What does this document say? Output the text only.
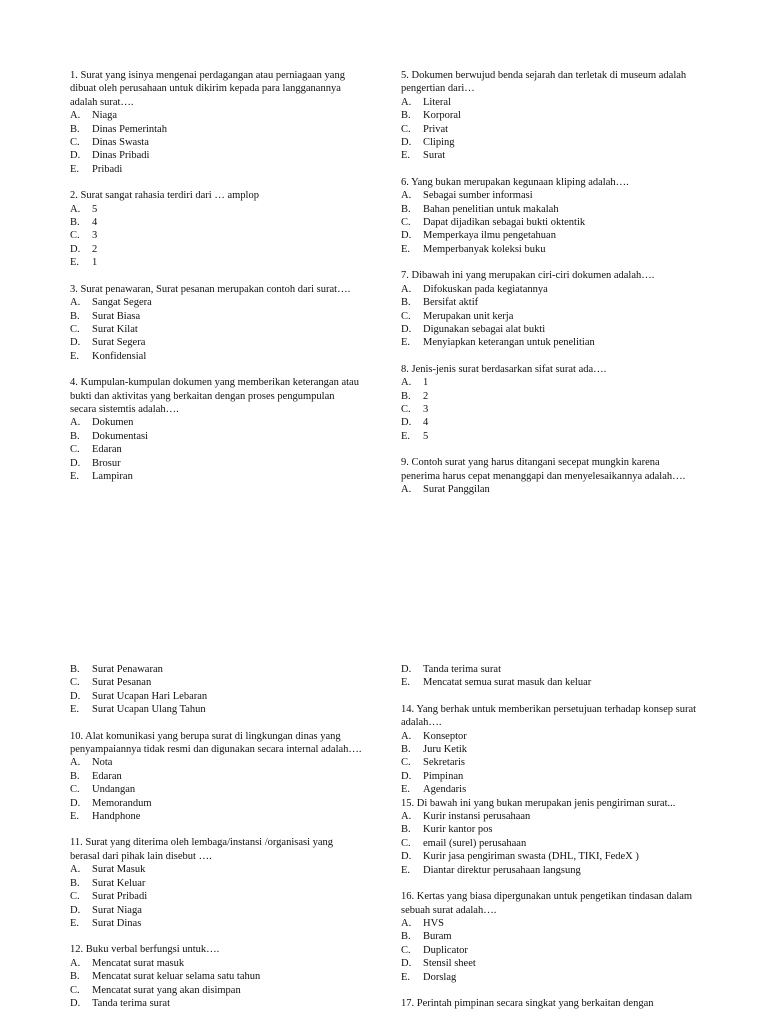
1. Surat yang isinya mengenai perdagangan atau perniagaan yang dibuat oleh perusahaan untuk dikirim kepada para langganannya adalah surat….
A.	Niaga
B.	Dinas Pemerintah
C.	Dinas Swasta
D.	Dinas Pribadi
E.	Pribadi
2. Surat sangat rahasia terdiri dari … amplop
A.	5
B.	4
C.	3
D.	2
E.	1
3. Surat penawaran, Surat pesanan merupakan contoh dari surat….
A.	Sangat Segera
B.	Surat Biasa
C.	Surat Kilat
D.	Surat Segera
E.	Konfidensial
4. Kumpulan-kumpulan dokumen yang memberikan keterangan atau bukti dan aktivitas yang berkaitan dengan proses pengumpulan secara sistemtis adalah….
A.	Dokumen
B.	Dokumentasi
C.	Edaran
D.	Brosur
E.	Lampiran
5. Dokumen berwujud benda sejarah dan terletak di museum adalah pengertian dari…
A.	Literal
B.	Korporal
C.	Privat
D.	Cliping
E.	Surat
6. Yang bukan merupakan kegunaan kliping adalah….
A.	Sebagai sumber informasi
B.	Bahan penelitian untuk makalah
C.	Dapat dijadikan sebagai bukti oktentik
D.	Memperkaya ilmu pengetahuan
E.	Memperbanyak koleksi buku
7. Dibawah ini yang merupakan ciri-ciri dokumen adalah….
A.	Difokuskan pada kegiatannya
B.	Bersifat aktif
C.	Merupakan unit kerja
D.	Digunakan sebagai alat bukti
E.	Menyiapkan keterangan untuk penelitian
8. Jenis-jenis surat berdasarkan sifat surat ada….
A.	1
B.	2
C.	3
D.	4
E.	5
9. Contoh surat yang harus ditangani secepat mungkin karena penerima harus cepat menanggapi dan menyelesaikannya adalah….
A.	Surat Panggilan
B.	Surat Penawaran
C.	Surat Pesanan
D.	Surat Ucapan Hari Lebaran
E.	Surat Ucapan Ulang Tahun
10. Alat komunikasi yang berupa surat di lingkungan dinas yang penyampaiannya tidak resmi dan digunakan secara internal adalah….
A.	Nota
B.	Edaran
C.	Undangan
D.	Memorandum
E.	Handphone
11. Surat yang diterima oleh lembaga/instansi /organisasi yang berasal dari pihak lain disebut ….
A.	Surat Masuk
B.	Surat Keluar
C.	Surat Pribadi
D.	Surat Niaga
E.	Surat Dinas
12. Buku verbal berfungsi untuk….
A.	Mencatat surat masuk
B.	Mencatat surat keluar selama satu tahun
C.	Mencatat surat yang akan disimpan
D.	Tanda terima surat
D.	Tanda terima surat
E.	Mencatat semua surat masuk dan keluar
14. Yang berhak untuk memberikan persetujuan terhadap konsep surat adalah….
A.	Konseptor
B.	Juru Ketik
C.	Sekretaris
D.	Pimpinan
E.	Agendaris
15. Di bawah ini yang bukan merupakan jenis pengiriman surat...
A.	Kurir instansi perusahaan
B.	Kurir kantor pos
C.	email (surel) perusahaan
D.	Kurir jasa pengiriman swasta (DHL, TIKI, FedeX )
E.	Diantar direktur perusahaan langsung
16. Kertas yang biasa dipergunakan untuk pengetikan tindasan dalam sebuah surat adalah….
A.	HVS
B.	Buram
C.	Duplicator
D.	Stensil sheet
E.	Dorslag
17. Perintah pimpinan secara singkat yang berkaitan dengan
